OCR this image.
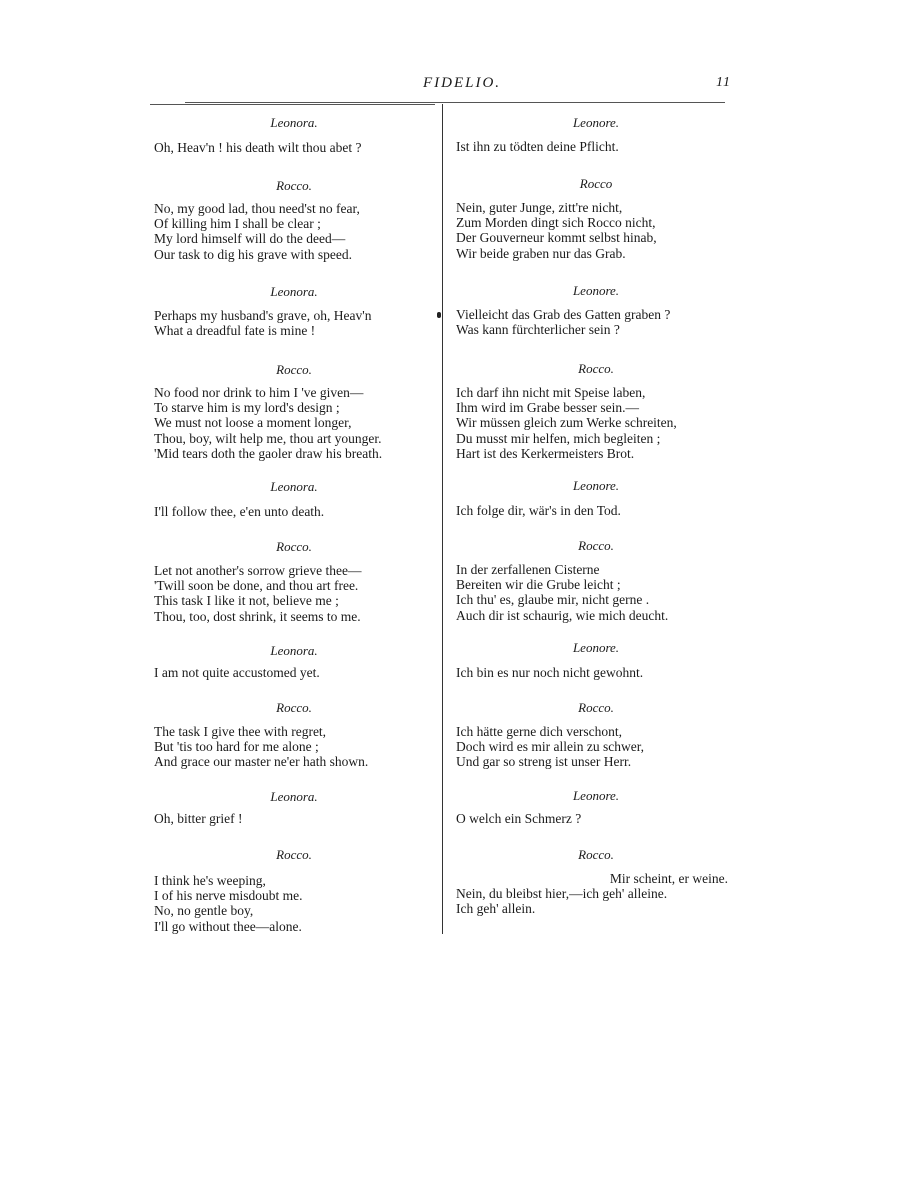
FIDELIO.	11
Leonora.
Oh, Heav'n ! his death wilt thou abet ?
Rocco.
No, my good lad, thou need'st no fear,
Of killing him I shall be clear ;
My lord himself will do the deed—
Our task to dig his grave with speed.
Leonora.
Perhaps my husband's grave, oh, Heav'n
What a dreadful fate is mine !
Rocco.
No food nor drink to him I 've given—
To starve him is my lord's design ;
We must not loose a moment longer,
Thou, boy, wilt help me, thou art younger.
'Mid tears doth the gaoler draw his breath.
Leonora.
I'll follow thee, e'en unto death.
Rocco.
Let not another's sorrow grieve thee—
'Twill soon be done, and thou art free.
This task I like it not, believe me ;
Thou, too, dost shrink, it seems to me.
Leonora.
I am not quite accustomed yet.
Rocco.
The task I give thee with regret,
But 'tis too hard for me alone ;
And grace our master ne'er hath shown.
Leonora.
Oh, bitter grief !
Rocco.
I think he's weeping,
I of his nerve misdoubt me.
No, no gentle boy,
I'll go without thee—alone.
Leonore.
Ist ihn zu tödten deine Pflicht.
Rocco
Nein, guter Junge, zitt're nicht,
Zum Morden dingt sich Rocco nicht,
Der Gouverneur kommt selbst hinab,
Wir beide graben nur das Grab.
Leonore.
Vielleicht das Grab des Gatten graben ?
Was kann fürchterlicher sein ?
Rocco.
Ich darf ihn nicht mit Speise laben,
Ihm wird im Grabe besser sein.—
Wir müssen gleich zum Werke schreiten,
Du musst mir helfen, mich begleiten ;
Hart ist des Kerkermeisters Brot.
Leonore.
Ich folge dir, wär's in den Tod.
Rocco.
In der zerfallenen Cisterne
Bereiten wir die Grube leicht ;
Ich thu' es, glaube mir, nicht gerne .
Auch dir ist schaurig, wie mich deucht.
Leonore.
Ich bin es nur noch nicht gewohnt.
Rocco.
Ich hätte gerne dich verschont,
Doch wird es mir allein zu schwer,
Und gar so streng ist unser Herr.
Leonore.
O welch ein Schmerz ?
Rocco.
Mir scheint, er weine.
Nein, du bleibst hier,—ich geh' alleine.
Ich geh' allein.
